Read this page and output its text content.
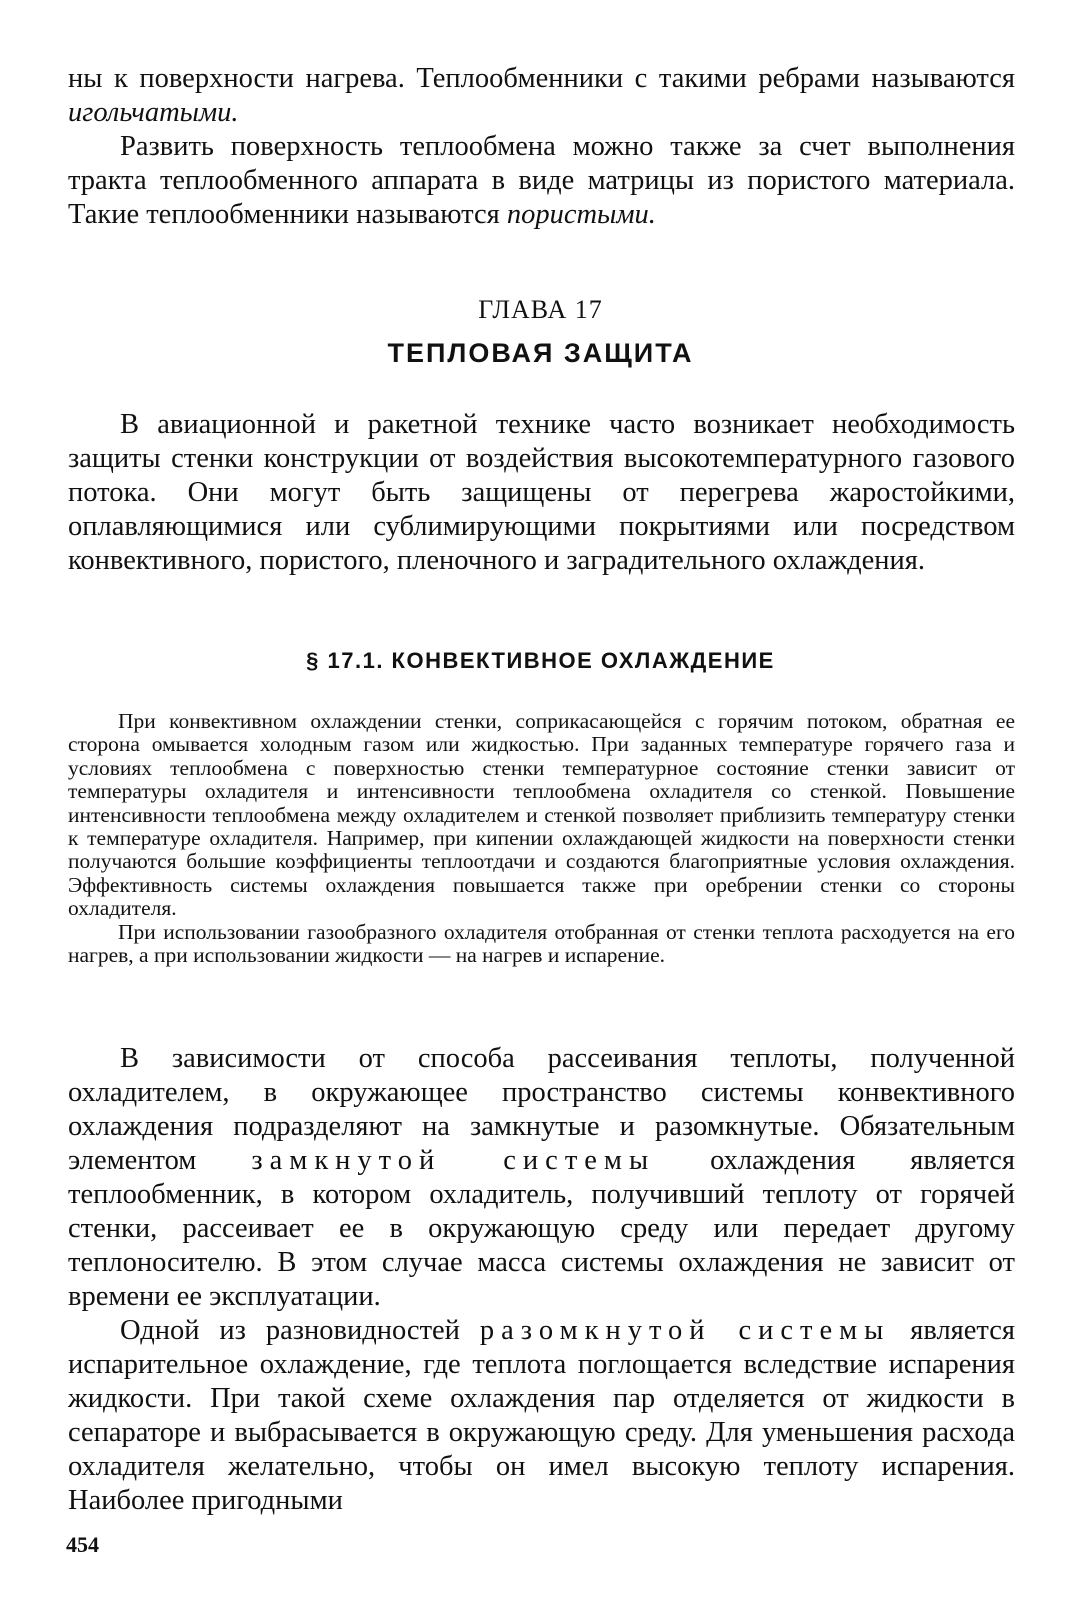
ны к поверхности нагрева. Теплообменники с такими ребрами называются игольчатыми.

Развить поверхность теплообмена можно также за счет выполнения тракта теплообменного аппарата в виде матрицы из пористого материала. Такие теплообменники называются пористыми.

ГЛАВА 17
ТЕПЛОВАЯ ЗАЩИТА

В авиационной и ракетной технике часто возникает необходимость защиты стенки конструкции от воздействия высокотемпературного газового потока. Они могут быть защищены от перегрева жаростойкими, оплавляющимися или сублимирующими покрытиями или посредством конвективного, пористого, пленочного и заградительного охлаждения.

§ 17.1. КОНВЕКТИВНОЕ ОХЛАЖДЕНИЕ

При конвективном охлаждении стенки, соприкасающейся с горячим потоком, обратная ее сторона омывается холодным газом или жидкостью. При заданных температуре горячего газа и условиях теплообмена с поверхностью стенки температурное состояние стенки зависит от температуры охладителя и интенсивности теплообмена охладителя со стенкой. Повышение интенсивности теплообмена между охладителем и стенкой позволяет приблизить температуру стенки к температуре охладителя. Например, при кипении охлаждающей жидкости на поверхности стенки получаются большие коэффициенты теплоотдачи и создаются благоприятные условия охлаждения. Эффективность системы охлаждения повышается также при оребрении стенки со стороны охладителя.

При использовании газообразного охладителя отобранная от стенки теплота расходуется на его нагрев, а при использовании жидкости — на нагрев и испарение.

В зависимости от способа рассеивания теплоты, полученной охладителем, в окружающее пространство системы конвективного охлаждения подразделяют на замкнутые и разомкнутые. Обязательным элементом замкнутой системы охлаждения является теплообменник, в котором охладитель, получивший теплоту от горячей стенки, рассеивает ее в окружающую среду или передает другому теплоносителю. В этом случае масса системы охлаждения не зависит от времени ее эксплуатации.

Одной из разновидностей разомкнутой системы является испарительное охлаждение, где теплота поглощается вследствие испарения жидкости. При такой схеме охлаждения пар отделяется от жидкости в сепараторе и выбрасывается в окружающую среду. Для уменьшения расхода охладителя желательно, чтобы он имел высокую теплоту испарения. Наиболее пригодными

454
